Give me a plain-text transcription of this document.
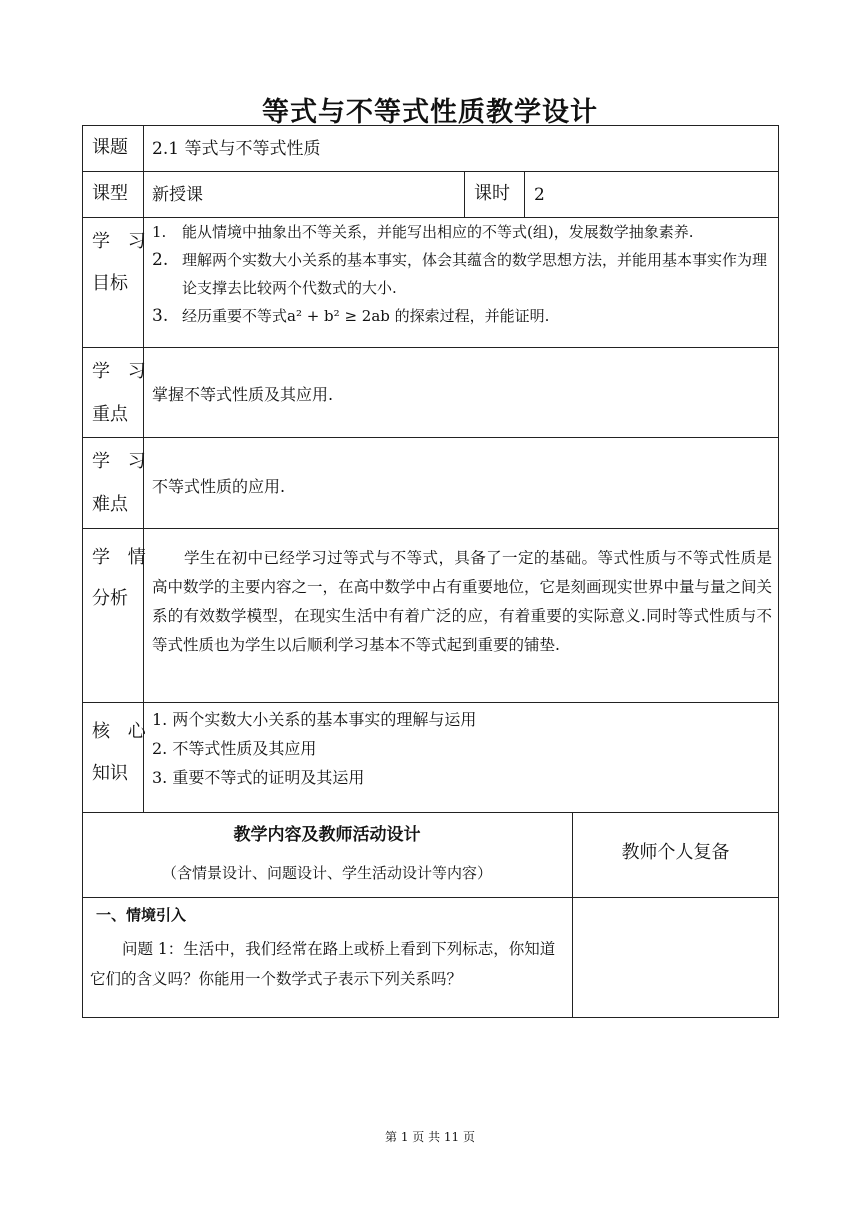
等式与不等式性质教学设计
课题 2.1 等式与不等式性质
课型 新授课	课时 2
学 习
目标
1. 能从情境中抽象出不等关系，并能写出相应的不等式(组)，发展数学抽象素养.
2. 理解两个实数大小关系的基本事实，体会其蕴含的数学思想方法，并能用基本事实作为理论支撑去比较两个代数式的大小.
3. 经历重要不等式a² + b² ≥ 2ab 的探索过程，并能证明.
学 习
重点
掌握不等式性质及其应用.
学 习
难点
不等式性质的应用.
学 情
分析
学生在初中已经学习过等式与不等式，具备了一定的基础。等式性质与不等式性质是高中数学的主要内容之一，在高中数学中占有重要地位，它是刻画现实世界中量与量之间关系的有效数学模型，在现实生活中有着广泛的应，有着重要的实际意义.同时等式性质与不等式性质也为学生以后顺利学习基本不等式起到重要的铺垫.
核 心
知识
1. 两个实数大小关系的基本事实的理解与运用
2. 不等式性质及其应用
3. 重要不等式的证明及其运用
教学内容及教师活动设计
（含情景设计、问题设计、学生活动设计等内容）
教师个人复备
一、情境引入
问题 1：生活中，我们经常在路上或桥上看到下列标志，你知道它们的含义吗？你能用一个数学式子表示下列关系吗？
第 1 页 共 11 页
